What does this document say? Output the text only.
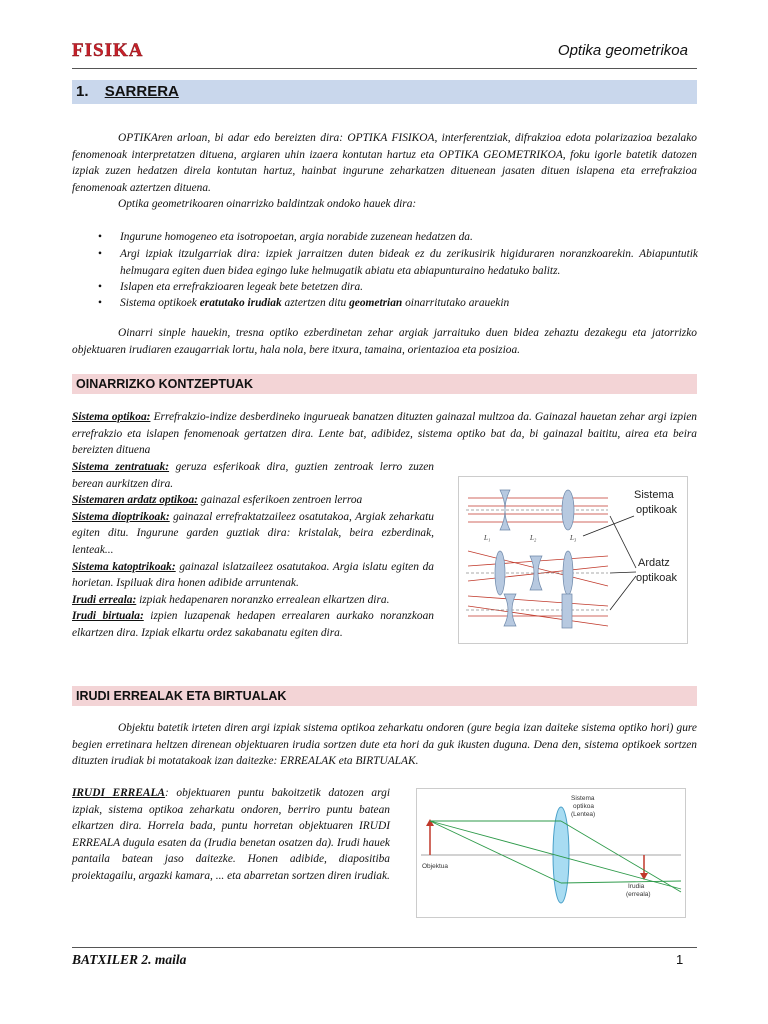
FISIKA	Optika geometrikoa
1. SARRERA
OPTIKAren arloan, bi adar edo bereizten dira: OPTIKA FISIKOA, interferentziak, difrakzioa edota polarizazioa bezalako fenomenoak interpretatzen dituena, argiaren uhin izaera kontutan hartuz eta OPTIKA GEOMETRIKOA, foku igorle batetik datozen izpiak zuzen hedatzen direla kontutan hartuz, hainbat ingurune zeharkatzen dituenean jasaten dituen islapena eta errefrakzioa fenomenoak aztertzen dituena.
Optika geometrikoaren oinarrizko baldintzak ondoko hauek dira:
• Ingurune homogeneo eta isotropoetan, argia norabide zuzenean hedatzen da.
• Argi izpiak itzulgarriak dira: izpiek jarraitzen duten bideak ez du zerikusirik higiduraren noranzkoarekin. Abiapuntutik helmugara egiten duen bidea egingo luke helmugatik abiatu eta abiapunturaino hedatuko balitz.
• Islapen eta errefrakzioaren legeak bete betetzen dira.
• Sistema optikoek eratutako irudiak aztertzen ditu geometrian oinarritutako arauekin
Oinarri sinple hauekin, tresna optiko ezberdinetan zehar argiak jarraituko duen bidea zehaztu dezakegu eta jatorrizko objektuaren irudiaren ezaugarriak lortu, hala nola, bere itxura, tamaina, orientazioa eta posizioa.
OINARRIZKO KONTZEPTUAK
Sistema optikoa: Errefrakzio-indize desberdineko ingurueak banatzen dituzten gainazal multzoa da. Gainazal hauetan zehar argi izpien errefrakzio eta islapen fenomenoak gertatzen dira. Lente bat, adibidez, sistema optiko bat da, bi gainazal baititu, airea eta beira bereizten dituena
Sistema zentratuak: geruza esferikoak dira, guztien zentroak lerro zuzen berean aurkitzen dira.
Sistemaren ardatz optikoa: gainazal esferikoen zentroen lerroa
Sistema dioptrikoak: gainazal errefraktatzaileez osatutakoa, Argiak zeharkatu egiten ditu. Ingurune garden guztiak dira: kristalak, beira ezberdinak, lenteak...
Sistema katoptrikoak: gainazal islatzaileez osatutakoa. Argia islatu egiten da horietan. Ispiluak dira honen adibide arruntenak.
Irudi erreala: izpiak hedapenaren noranzko errealean elkartzen dira.
Irudi birtuala: izpien luzapenak hedapen errealaren aurkako noranzkoan elkartzen dira. Izpiak elkartu ordez sakabanatu egiten dira.
L₁	L₂	L₃
Sistema
optikoak
Ardatz
optikoak
IRUDI ERREALAK ETA BIRTUALAK
Objektu batetik irteten diren argi izpiak sistema optikoa zeharkatu ondoren (gure begia izan daiteke sistema optiko hori) gure begien erretinara heltzen direnean objektuaren irudia sortzen dute eta hori da guk ikusten duguna. Dena den, sistema optikoek sortzen dituzten irudiak bi motatakoak izan daitezke: ERREALAK eta BIRTUALAK.
IRUDI ERREALA: objektuaren puntu bakoitzetik datozen argi izpiak, sistema optikoa zeharkatu ondoren, berriro puntu batean elkartzen dira. Horrela bada, puntu horretan objektuaren IRUDI ERREALA dugula esaten da (Irudia benetan osatzen da). Irudi hauek pantaila batean jaso daitezke. Honen adibide, diapositiba proiektagailu, argazki kamara, ... eta abarretan sortzen diren irudiak.
Sistema
optikoa
(Lentea)
Objektua
Irudia
(erreala)
BATXILER 2. maila	1
